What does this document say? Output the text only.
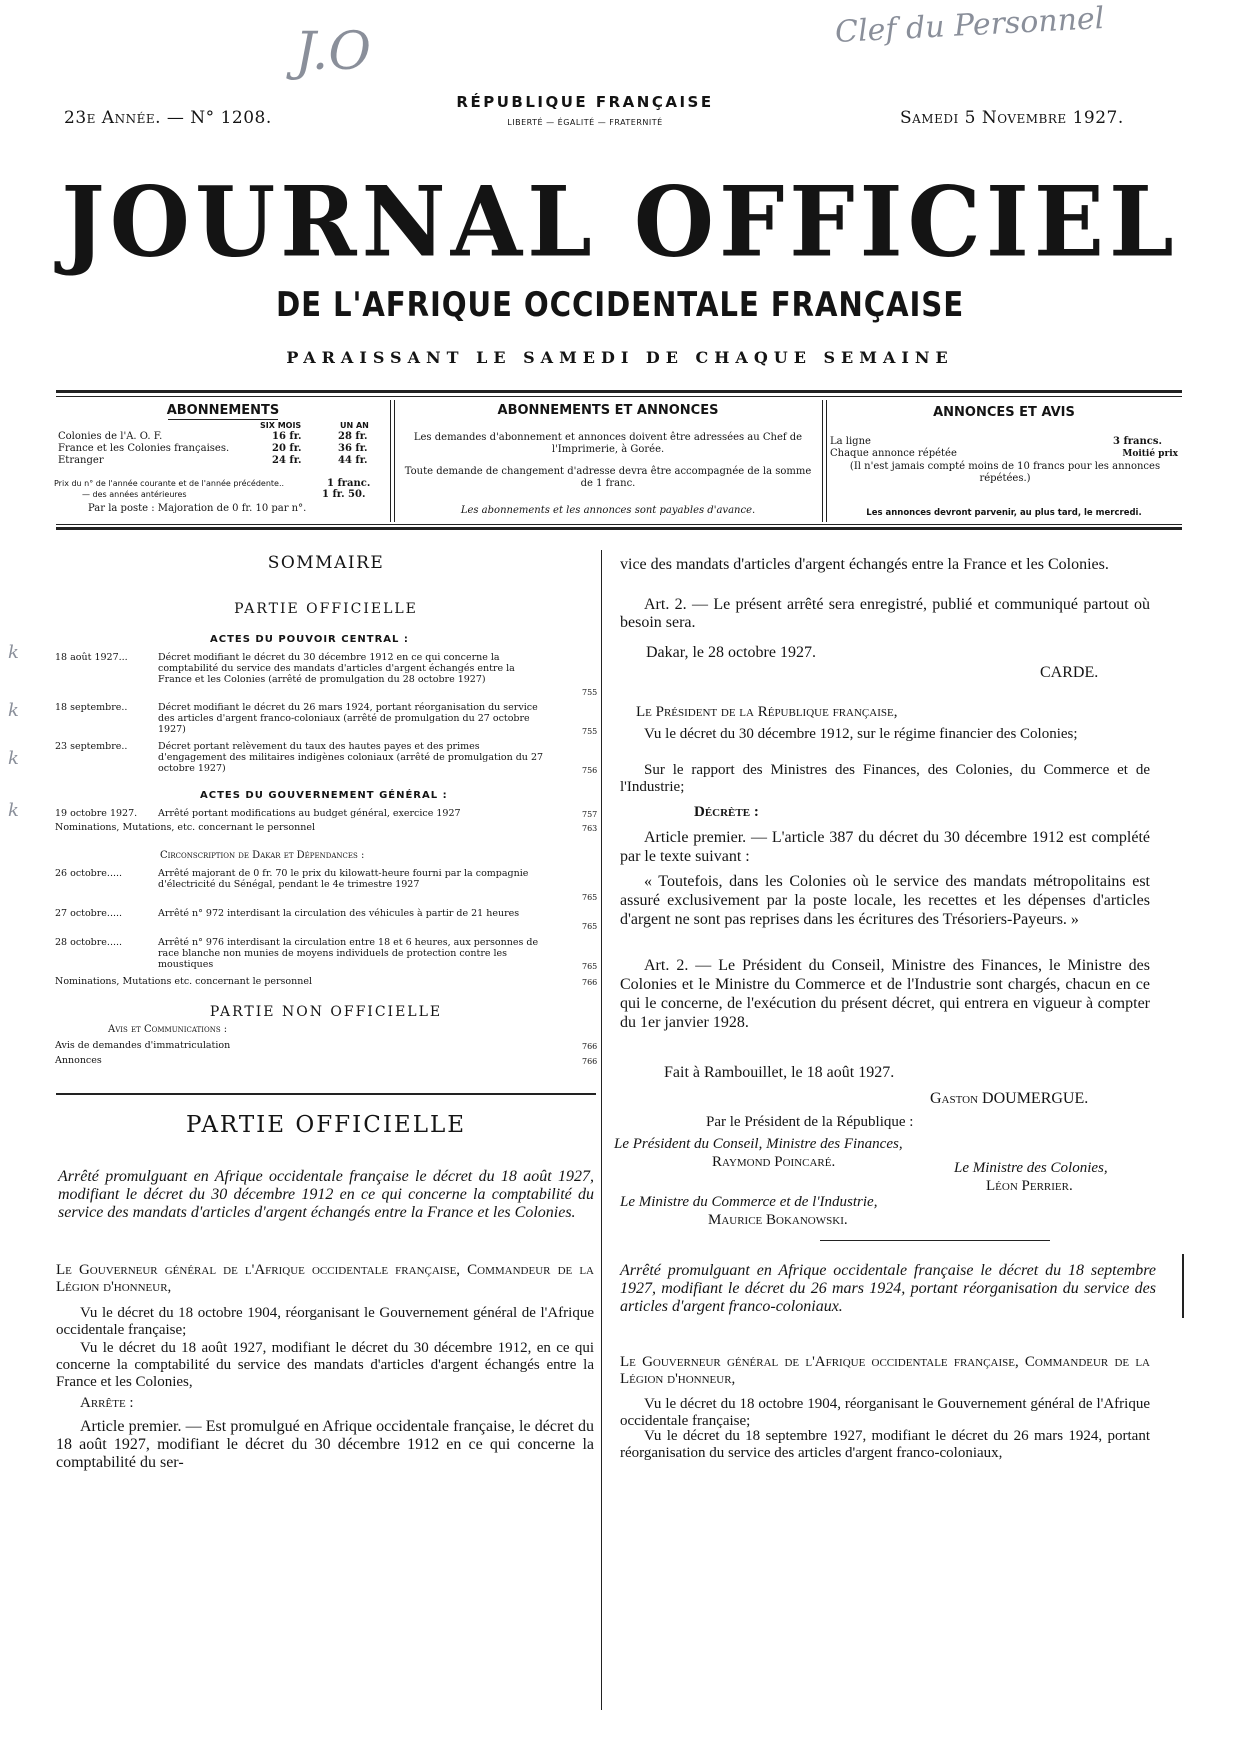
J.O	Clef du Personnel
k
k
k
k
23e Année. — N° 1208.
RÉPUBLIQUE FRANÇAISE
LIBERTÉ — ÉGALITÉ — FRATERNITÉ	Samedi 5 Novembre 1927.
JOURNAL OFFICIEL
DE L'AFRIQUE OCCIDENTALE FRANÇAISE
PARAISSANT LE SAMEDI DE CHAQUE SEMAINE
ABONNEMENTS
SIX MOIS	UN AN
Colonies de l'A. O. F.	16 fr.	28 fr.
France et les Colonies françaises.	20 fr.	36 fr.
Etranger	24 fr.	44 fr.
Prix du n° de l'année courante et de l'année précédente..	1 franc.
— des années antérieures	1 fr. 50.
Par la poste : Majoration de 0 fr. 10 par n°.
ABONNEMENTS ET ANNONCES
Les demandes d'abonnement et annonces doivent être adressées au Chef de l'Imprimerie, à Gorée.
Toute demande de changement d'adresse devra être accompagnée de la somme de 1 franc.
Les abonnements et les annonces sont payables d'avance.
ANNONCES ET AVIS
La ligne	3 francs.
Chaque annonce répétée	Moitié prix
(Il n'est jamais compté moins de 10 francs pour les annonces répétées.)
Les annonces devront parvenir, au plus tard, le mercredi.
SOMMAIRE
PARTIE OFFICIELLE
ACTES DU POUVOIR CENTRAL :
18 août 1927...	Décret modifiant le décret du 30 décembre 1912 en ce qui concerne la comptabilité du service des mandats d'articles d'argent échangés entre la France et les Colonies (arrêté de promulgation du 28 octobre 1927)
755
18 septembre..	Décret modifiant le décret du 26 mars 1924, portant réorganisation du service des articles d'argent franco-coloniaux (arrêté de promulgation du 27 octobre 1927)	755
23 septembre..	Décret portant relèvement du taux des hautes payes et des primes d'engagement des militaires indigènes coloniaux (arrêté de promulgation du 27 octobre 1927)	756
ACTES DU GOUVERNEMENT GÉNÉRAL :
19 octobre 1927.	Arrêté portant modifications au budget général, exercice 1927	757
Nominations, Mutations, etc. concernant le personnel	763
Circonscription de Dakar et Dépendances :
26 octobre.....	Arrêté majorant de 0 fr. 70 le prix du kilowatt-heure fourni par la compagnie d'électricité du Sénégal, pendant le 4e trimestre 1927
765
27 octobre.....	Arrêté n° 972 interdisant la circulation des véhicules à partir de 21 heures
765
28 octobre.....	Arrêté n° 976 interdisant la circulation entre 18 et 6 heures, aux personnes de race blanche non munies de moyens individuels de protection contre les moustiques	765
Nominations, Mutations etc. concernant le personnel	766
PARTIE NON OFFICIELLE
Avis et Communications :
Avis de demandes d'immatriculation	766
Annonces	766
PARTIE OFFICIELLE
Arrêté promulguant en Afrique occidentale française le décret du 18 août 1927, modifiant le décret du 30 décembre 1912 en ce qui concerne la comptabilité du service des mandats d'articles d'argent échangés entre la France et les Colonies.
Le Gouverneur général de l'Afrique occidentale française, Commandeur de la Légion d'honneur,
Vu le décret du 18 octobre 1904, réorganisant le Gouvernement général de l'Afrique occidentale française;
Vu le décret du 18 août 1927, modifiant le décret du 30 décembre 1912, en ce qui concerne la comptabilité du service des mandats d'articles d'argent échangés entre la France et les Colonies,
Arrête :
Article premier. — Est promulgué en Afrique occidentale française, le décret du 18 août 1927, modifiant le décret du 30 décembre 1912 en ce qui concerne la comptabilité du ser-
vice des mandats d'articles d'argent échangés entre la France et les Colonies.
Art. 2. — Le présent arrêté sera enregistré, publié et communiqué partout où besoin sera.
Dakar, le 28 octobre 1927.
CARDE.
Le Président de la République française,
Vu le décret du 30 décembre 1912, sur le régime financier des Colonies;
Sur le rapport des Ministres des Finances, des Colonies, du Commerce et de l'Industrie;
Décrète :
Article premier. — L'article 387 du décret du 30 décembre 1912 est complété par le texte suivant :
« Toutefois, dans les Colonies où le service des mandats métropolitains est assuré exclusivement par la poste locale, les recettes et les dépenses d'articles d'argent ne sont pas reprises dans les écritures des Trésoriers-Payeurs. »
Art. 2. — Le Président du Conseil, Ministre des Finances, le Ministre des Colonies et le Ministre du Commerce et de l'Industrie sont chargés, chacun en ce qui le concerne, de l'exécution du présent décret, qui entrera en vigueur à compter du 1er janvier 1928.
Fait à Rambouillet, le 18 août 1927.
Gaston DOUMERGUE.
Par le Président de la République :
Le Président du Conseil, Ministre des Finances,
Raymond Poincaré.	Le Ministre des Colonies,
Léon Perrier.
Le Ministre du Commerce et de l'Industrie,
Maurice Bokanowski.
Arrêté promulguant en Afrique occidentale française le décret du 18 septembre 1927, modifiant le décret du 26 mars 1924, portant réorganisation du service des articles d'argent franco-coloniaux.
Le Gouverneur général de l'Afrique occidentale française, Commandeur de la Légion d'honneur,
Vu le décret du 18 octobre 1904, réorganisant le Gouvernement général de l'Afrique occidentale française;
Vu le décret du 18 septembre 1927, modifiant le décret du 26 mars 1924, portant réorganisation du service des articles d'argent franco-coloniaux,
